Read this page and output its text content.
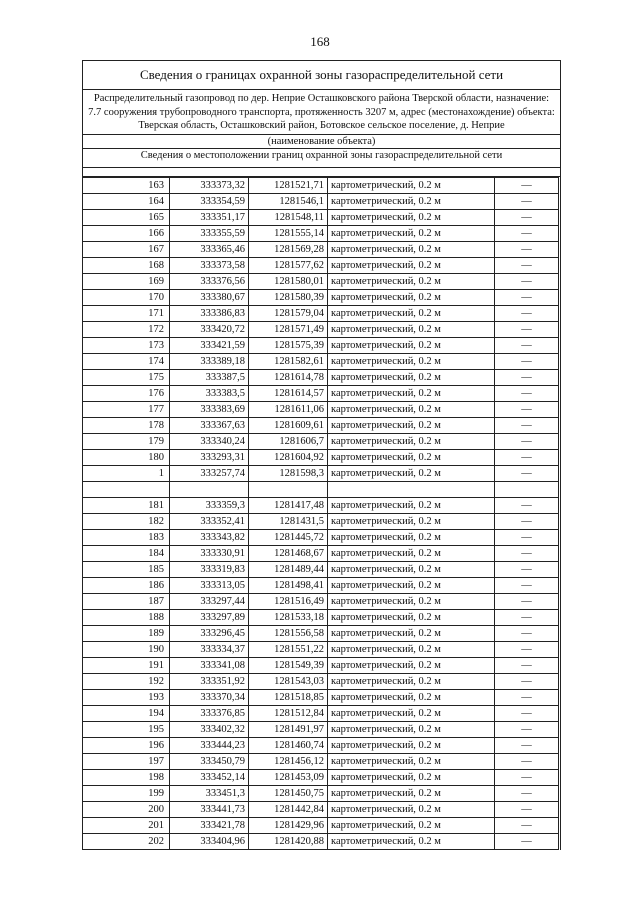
168
Сведения о границах охранной зоны газораспределительной сети
Распределительный газопровод по дер. Неприе Осташковского района Тверской области, назначение: 7.7 сооружения трубопроводного транспорта, протяженность 3207 м, адрес (местонахождение) объекта: Тверская область, Осташковский район, Ботовское сельское поселение, д. Неприе
(наименование объекта)
Сведения о местоположении границ охранной зоны газораспределительной сети
163	333373,32	1281521,71	картометрический, 0.2 м	—
164	333354,59	1281546,1	картометрический, 0.2 м	—
165	333351,17	1281548,11	картометрический, 0.2 м	—
166	333355,59	1281555,14	картометрический, 0.2 м	—
167	333365,46	1281569,28	картометрический, 0.2 м	—
168	333373,58	1281577,62	картометрический, 0.2 м	—
169	333376,56	1281580,01	картометрический, 0.2 м	—
170	333380,67	1281580,39	картометрический, 0.2 м	—
171	333386,83	1281579,04	картометрический, 0.2 м	—
172	333420,72	1281571,49	картометрический, 0.2 м	—
173	333421,59	1281575,39	картометрический, 0.2 м	—
174	333389,18	1281582,61	картометрический, 0.2 м	—
175	333387,5	1281614,78	картометрический, 0.2 м	—
176	333383,5	1281614,57	картометрический, 0.2 м	—
177	333383,69	1281611,06	картометрический, 0.2 м	—
178	333367,63	1281609,61	картометрический, 0.2 м	—
179	333340,24	1281606,7	картометрический, 0.2 м	—
180	333293,31	1281604,92	картометрический, 0.2 м	—
1	333257,74	1281598,3	картометрический, 0.2 м	—

181	333359,3	1281417,48	картометрический, 0.2 м	—
182	333352,41	1281431,5	картометрический, 0.2 м	—
183	333343,82	1281445,72	картометрический, 0.2 м	—
184	333330,91	1281468,67	картометрический, 0.2 м	—
185	333319,83	1281489,44	картометрический, 0.2 м	—
186	333313,05	1281498,41	картометрический, 0.2 м	—
187	333297,44	1281516,49	картометрический, 0.2 м	—
188	333297,89	1281533,18	картометрический, 0.2 м	—
189	333296,45	1281556,58	картометрический, 0.2 м	—
190	333334,37	1281551,22	картометрический, 0.2 м	—
191	333341,08	1281549,39	картометрический, 0.2 м	—
192	333351,92	1281543,03	картометрический, 0.2 м	—
193	333370,34	1281518,85	картометрический, 0.2 м	—
194	333376,85	1281512,84	картометрический, 0.2 м	—
195	333402,32	1281491,97	картометрический, 0.2 м	—
196	333444,23	1281460,74	картометрический, 0.2 м	—
197	333450,79	1281456,12	картометрический, 0.2 м	—
198	333452,14	1281453,09	картометрический, 0.2 м	—
199	333451,3	1281450,75	картометрический, 0.2 м	—
200	333441,73	1281442,84	картометрический, 0.2 м	—
201	333421,78	1281429,96	картометрический, 0.2 м	—
202	333404,96	1281420,88	картометрический, 0.2 м	—
